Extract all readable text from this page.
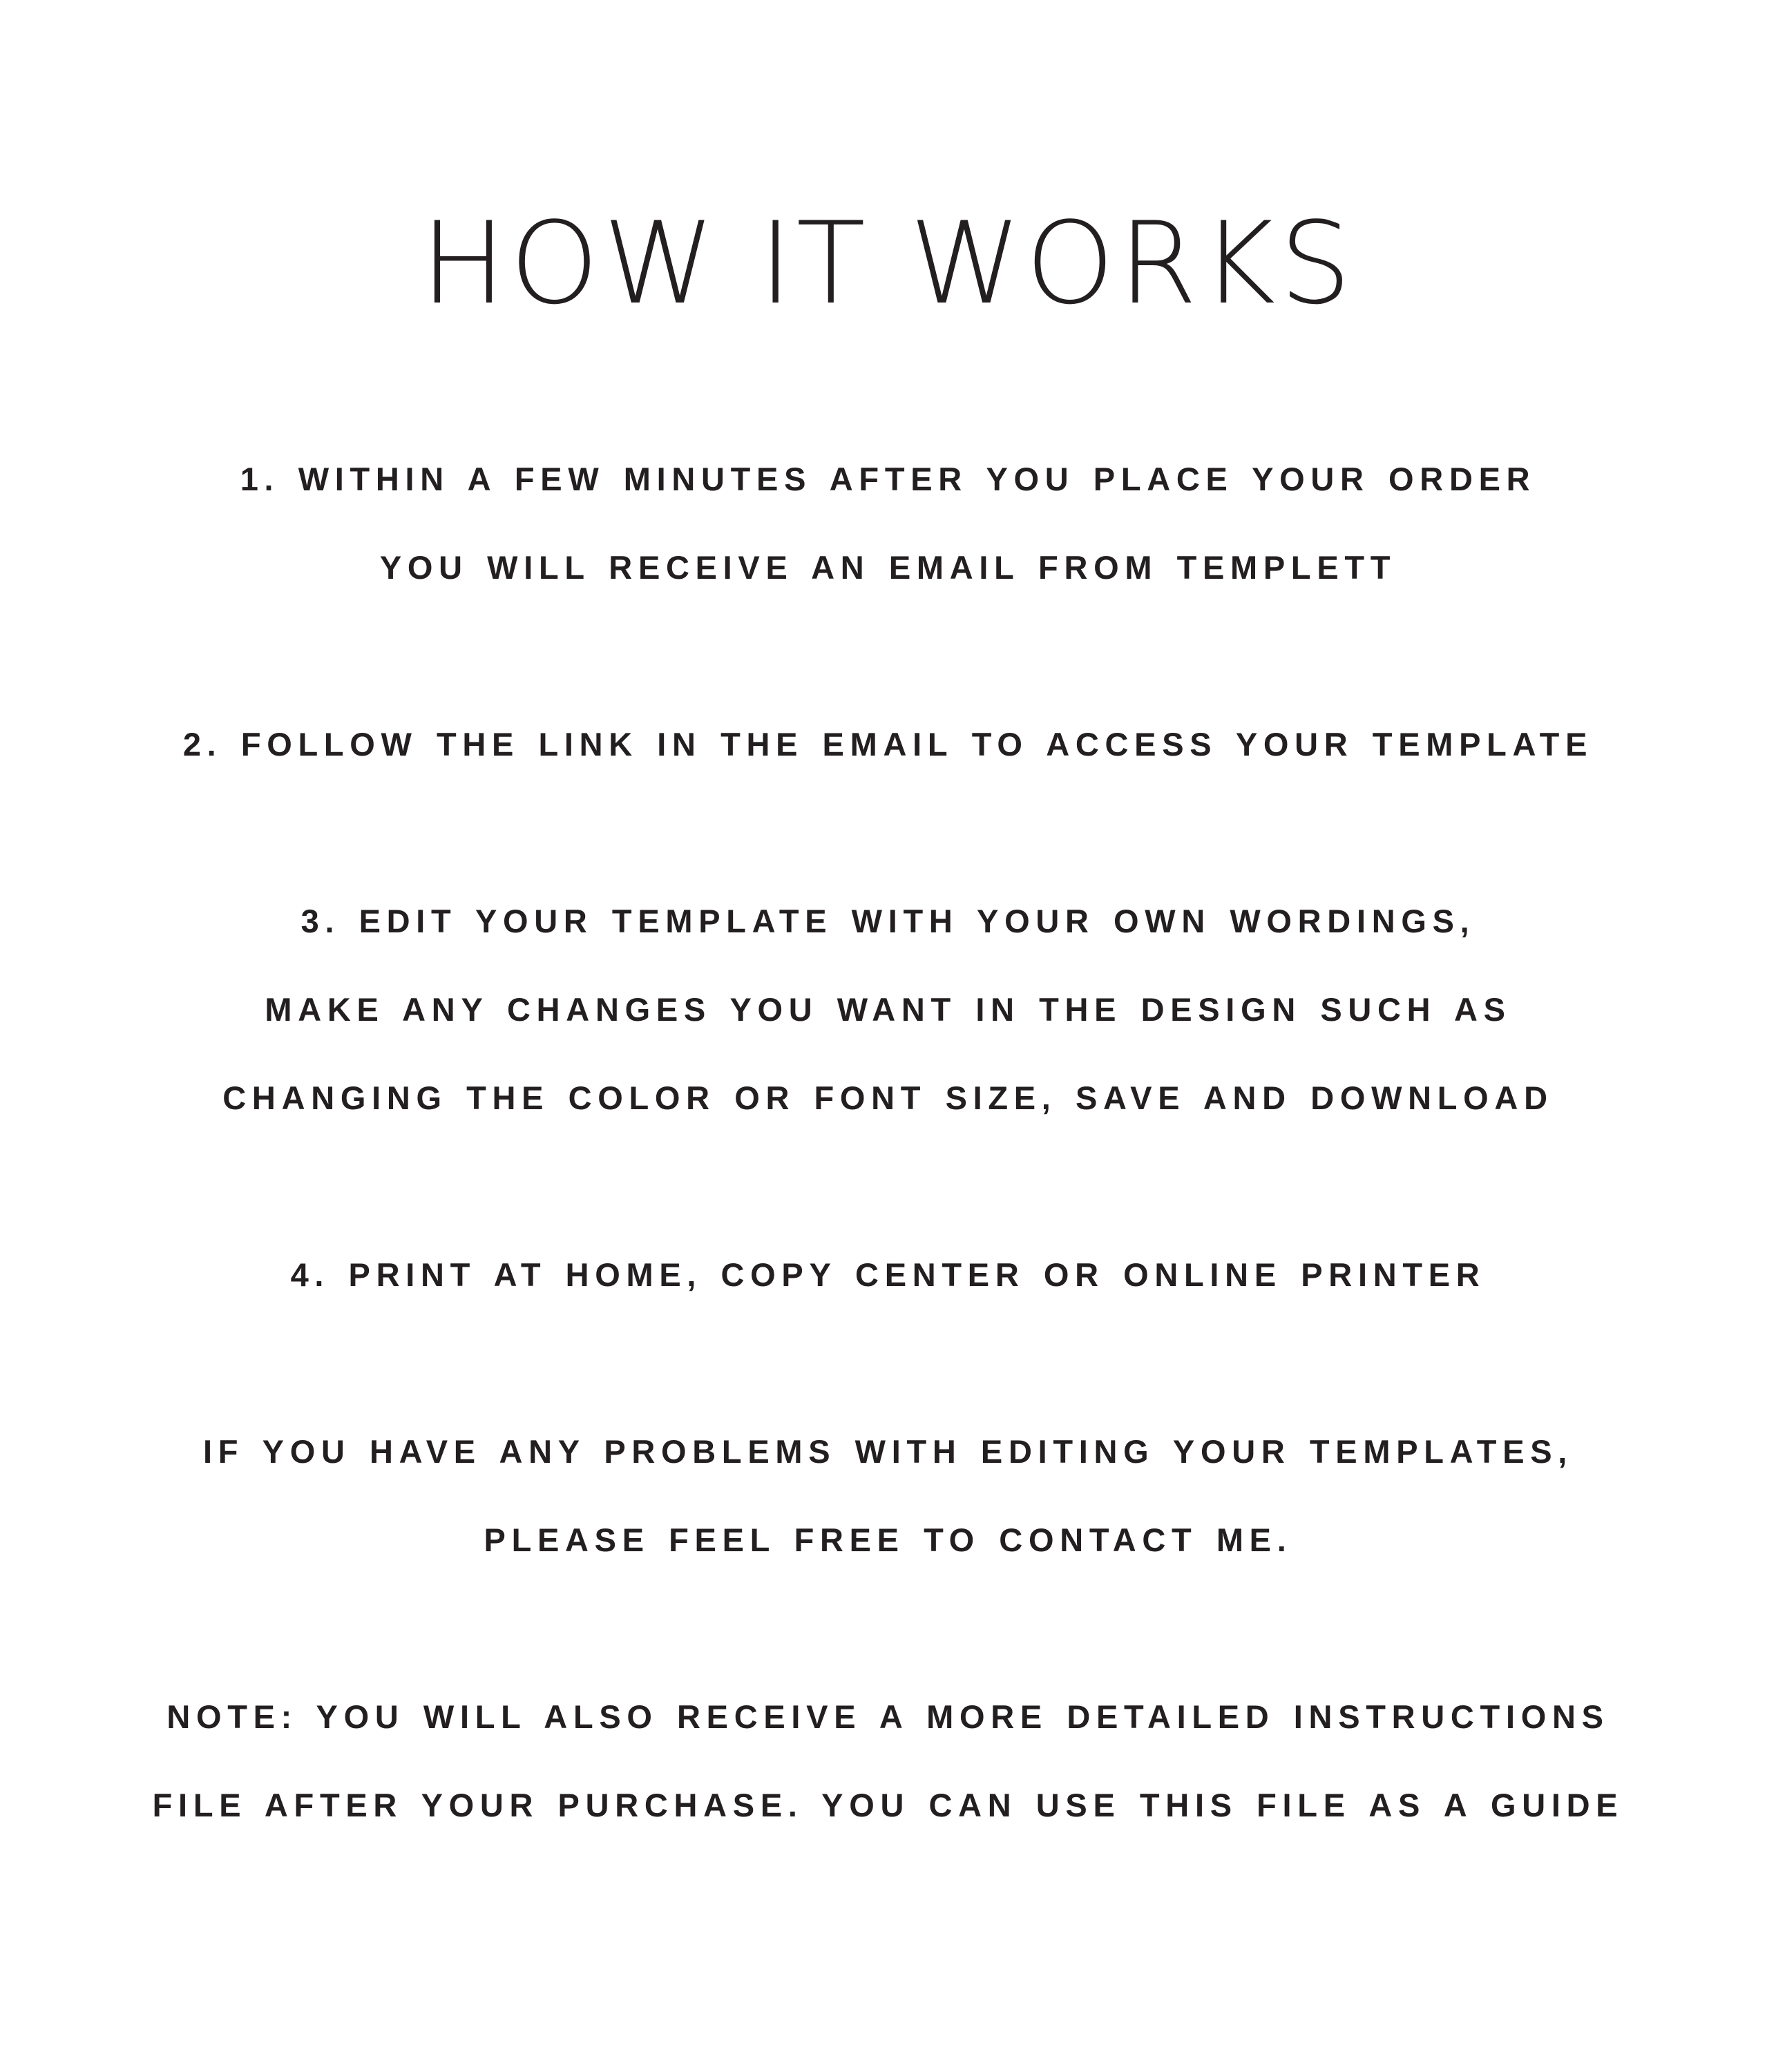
HOW IT WORKS
1. WITHIN A FEW MINUTES AFTER YOU PLACE YOUR ORDER
YOU WILL RECEIVE AN EMAIL FROM TEMPLETT
2. FOLLOW THE LINK IN THE EMAIL TO ACCESS YOUR TEMPLATE
3. EDIT YOUR TEMPLATE WITH YOUR OWN WORDINGS,
MAKE ANY CHANGES YOU WANT IN THE DESIGN SUCH AS
CHANGING THE COLOR OR FONT SIZE, SAVE AND DOWNLOAD
4. PRINT AT HOME, COPY CENTER OR ONLINE PRINTER
IF YOU HAVE ANY PROBLEMS WITH EDITING YOUR TEMPLATES,
PLEASE FEEL FREE TO CONTACT ME.
NOTE: YOU WILL ALSO RECEIVE A MORE DETAILED INSTRUCTIONS
FILE AFTER YOUR PURCHASE. YOU CAN USE THIS FILE AS A GUIDE
